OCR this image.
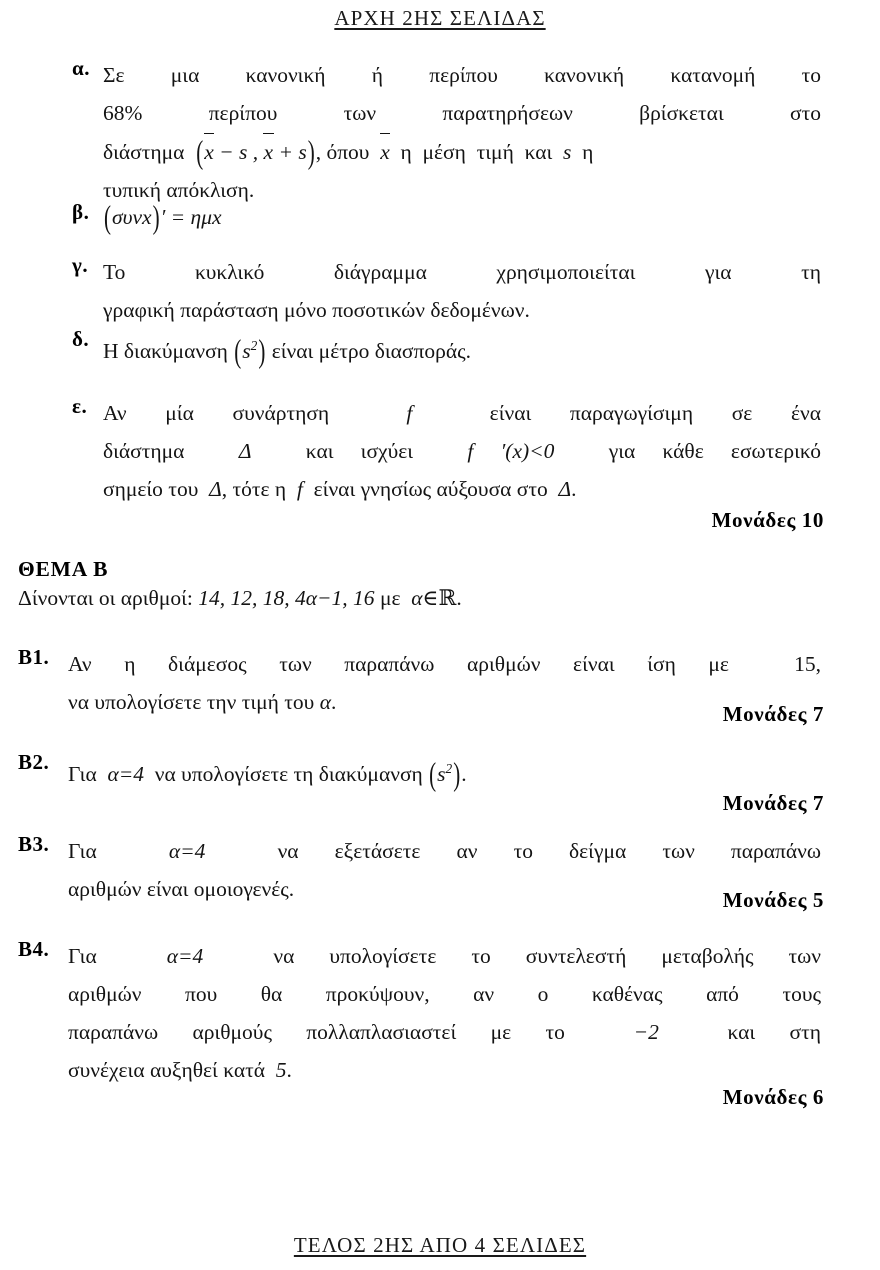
ΑΡΧΗ 2ΗΣ ΣΕΛΙΔΑΣ
α. Σε μια κανονική ή περίπου κανονική κατανομή το
68% περίπου των παρατηρήσεων βρίσκεται στο
διάστημα  (x − s , x + s), όπου  x  η  μέση  τιμή  και  s  η
τυπική απόκλιση.
β. (συνx)′ = ημx
γ. Το κυκλικό διάγραμμα χρησιμοποιείται για τη
γραφική παράσταση μόνο ποσοτικών δεδομένων.
δ.
Η διακύμανση $(s^2)$ είναι μέτρο διασποράς.
ε. Αν μία συνάρτηση  f  είναι παραγωγίσιμη σε ένα
διάστημα  Δ  και ισχύει  f ′(x)<0  για κάθε εσωτερικό
σημείο του  Δ, τότε η  f  είναι γνησίως αύξουσα στο  Δ.
Μονάδες 10
ΘΕΜΑ Β
Δίνονται οι αριθμοί: 14, 12, 18, 4α−1, 16 με α∈ℝ.
Β1. Αν η διάμεσος των παραπάνω αριθμών είναι ίση με  15,
να υπολογίσετε την τιμή του α.	Μονάδες 7
Β2.
Για α=4 να υπολογίσετε τη διακύμανση $(s^2)$.
Μονάδες 7
Β3. Για	α=4	να εξετάσετε αν το δείγμα των παραπάνω
αριθμών είναι ομοιογενές.	Μονάδες 5
Β4. Για	α=4	να υπολογίσετε το συντελεστή μεταβολής των
αριθμών που θα προκύψουν, αν ο καθένας από τους
παραπάνω αριθμούς πολλαπλασιαστεί με το	−2	και στη
συνέχεια αυξηθεί κατά 5.
Μονάδες 6
ΤΕΛΟΣ 2ΗΣ ΑΠΟ 4 ΣΕΛΙΔΕΣ
